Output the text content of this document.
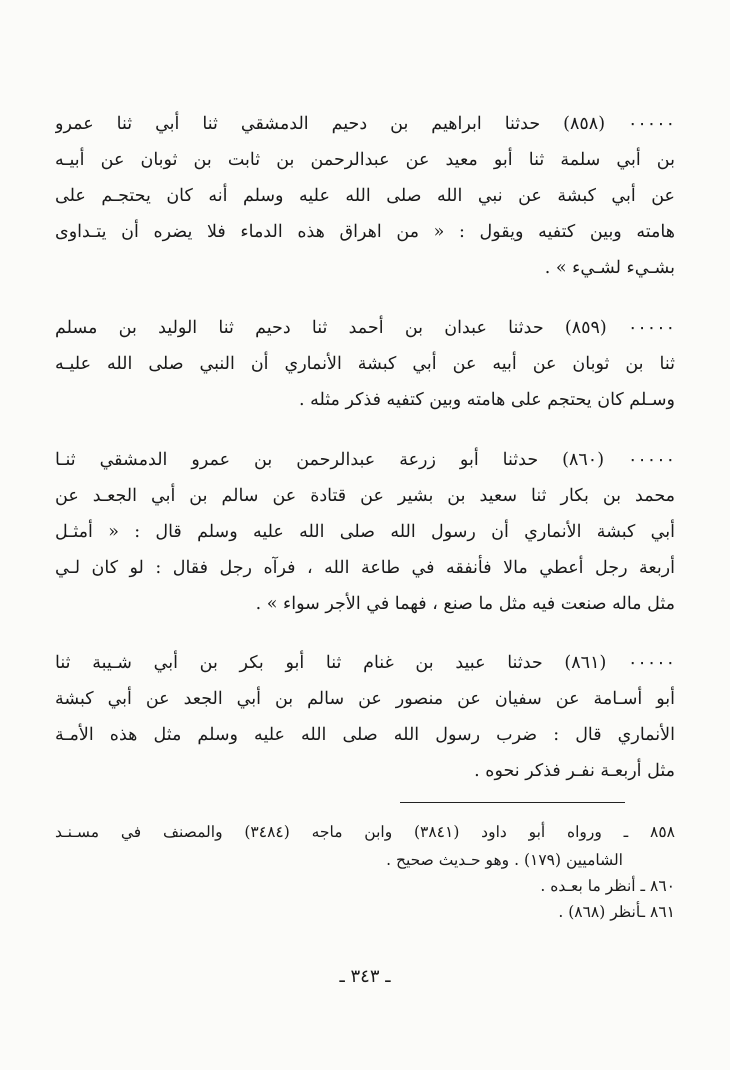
٠٠٠٠٠ (٨٥٨) حدثنا ابراهيم بن دحيم الدمشقي ثنا أبي ثنا عمرو
بن أبي سلمة ثنا أبو معيد عن عبدالرحمن بن ثابت بن ثوبان عن أبيـه
عن أبي كبشة عن نبي الله صلى الله عليه وسلم أنه كان يحتجـم على
هامته وبين كتفيه ويقول : « من اهراق هذه الدماء فلا يضره أن يتـداوى
بشـيء لشـيء » .
٠٠٠٠٠ (٨٥٩) حدثنا عبدان بن أحمد ثنا دحيم ثنا الوليد بن مسلم
ثنا بن ثوبان عن أبيه عن أبي كبشة الأنماري أن النبي صلى الله عليـه
وسـلم كان يحتجم على هامته وبين كتفيه فذكر مثله .
٠٠٠٠٠ (٨٦٠) حدثنا أبو زرعة عبدالرحمن بن عمرو الدمشقي ثنـا
محمد بن بكار ثنا سعيد بن بشير عن قتادة عن سالم بن أبي الجعـد عن
أبي كبشة الأنماري أن رسول الله صلى الله عليه وسلم قال : « أمثـل
أربعة رجل أعطي مالا فأنفقه في طاعة الله ، فرآه رجل فقال : لو كان لـي
مثل ماله صنعت فيه مثل ما صنع ، فهما في الأجر سواء » .
٠٠٠٠٠ (٨٦١) حدثنا عبيد بن غنام ثنا أبو بكر بن أبي شـيبة ثنا
أبو أسـامة عن سفيان عن منصور عن سالم بن أبي الجعد عن أبي كبشة
الأنماري قال : ضرب رسول الله صلى الله عليه وسلم مثل هذه الأمـة
مثل أربعـة نفـر فذكر نحوه .
٨٥٨ ـ ورواه أبو داود (٣٨٤١) وابن ماجه (٣٤٨٤) والمصنف في مسـنـد
الشاميين (١٧٩) . وهو حـديث صحيح .
٨٦٠ ـ أنظر ما بعـده .
٨٦١ ـأنظر (٨٦٨) .
ـ ٣٤٣ ـ
